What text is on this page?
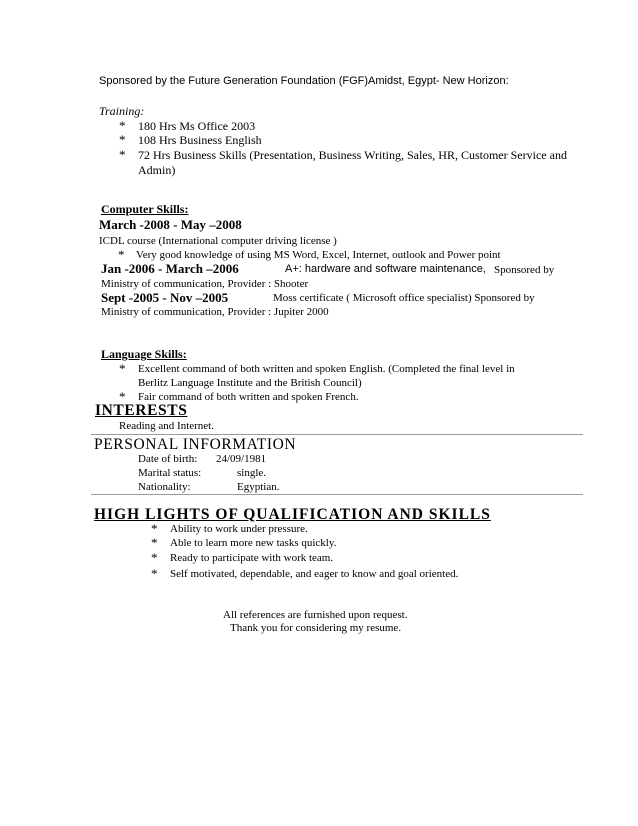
Sponsored by the Future Generation Foundation (FGF)Amidst, Egypt- New Horizon:
Training:
* 180 Hrs Ms Office 2003
* 108 Hrs Business English
* 72 Hrs Business Skills (Presentation, Business Writing, Sales, HR, Customer Service and
Admin)
Computer Skills:
March -2008 - May –2008
ICDL course (International computer driving license )
* Very good knowledge of using MS Word, Excel, Internet, outlook and Power point
Jan -2006 - March –2006	A+: hardware and software maintenance, Sponsored by
Ministry of communication, Provider : Shooter
Sept -2005 - Nov –2005	Moss certificate ( Microsoft office specialist) Sponsored by
Ministry of communication, Provider : Jupiter 2000
Language Skills:
* Excellent command of both written and spoken English. (Completed the final level in
Berlitz Language Institute and the British Council)
* Fair command of both written and spoken French.
INTERESTS
Reading and Internet.
PERSONAL INFORMATION
Date of birth: 24/09/1981
Marital status:	single.
Nationality:	Egyptian.
HIGH LIGHTS OF QUALIFICATION AND SKILLS
* Ability to work under pressure.
* Able to learn more new tasks quickly.
* Ready to participate with work team.
* Self motivated, dependable, and eager to know and goal oriented.
All references are furnished upon request.
Thank you for considering my resume.
